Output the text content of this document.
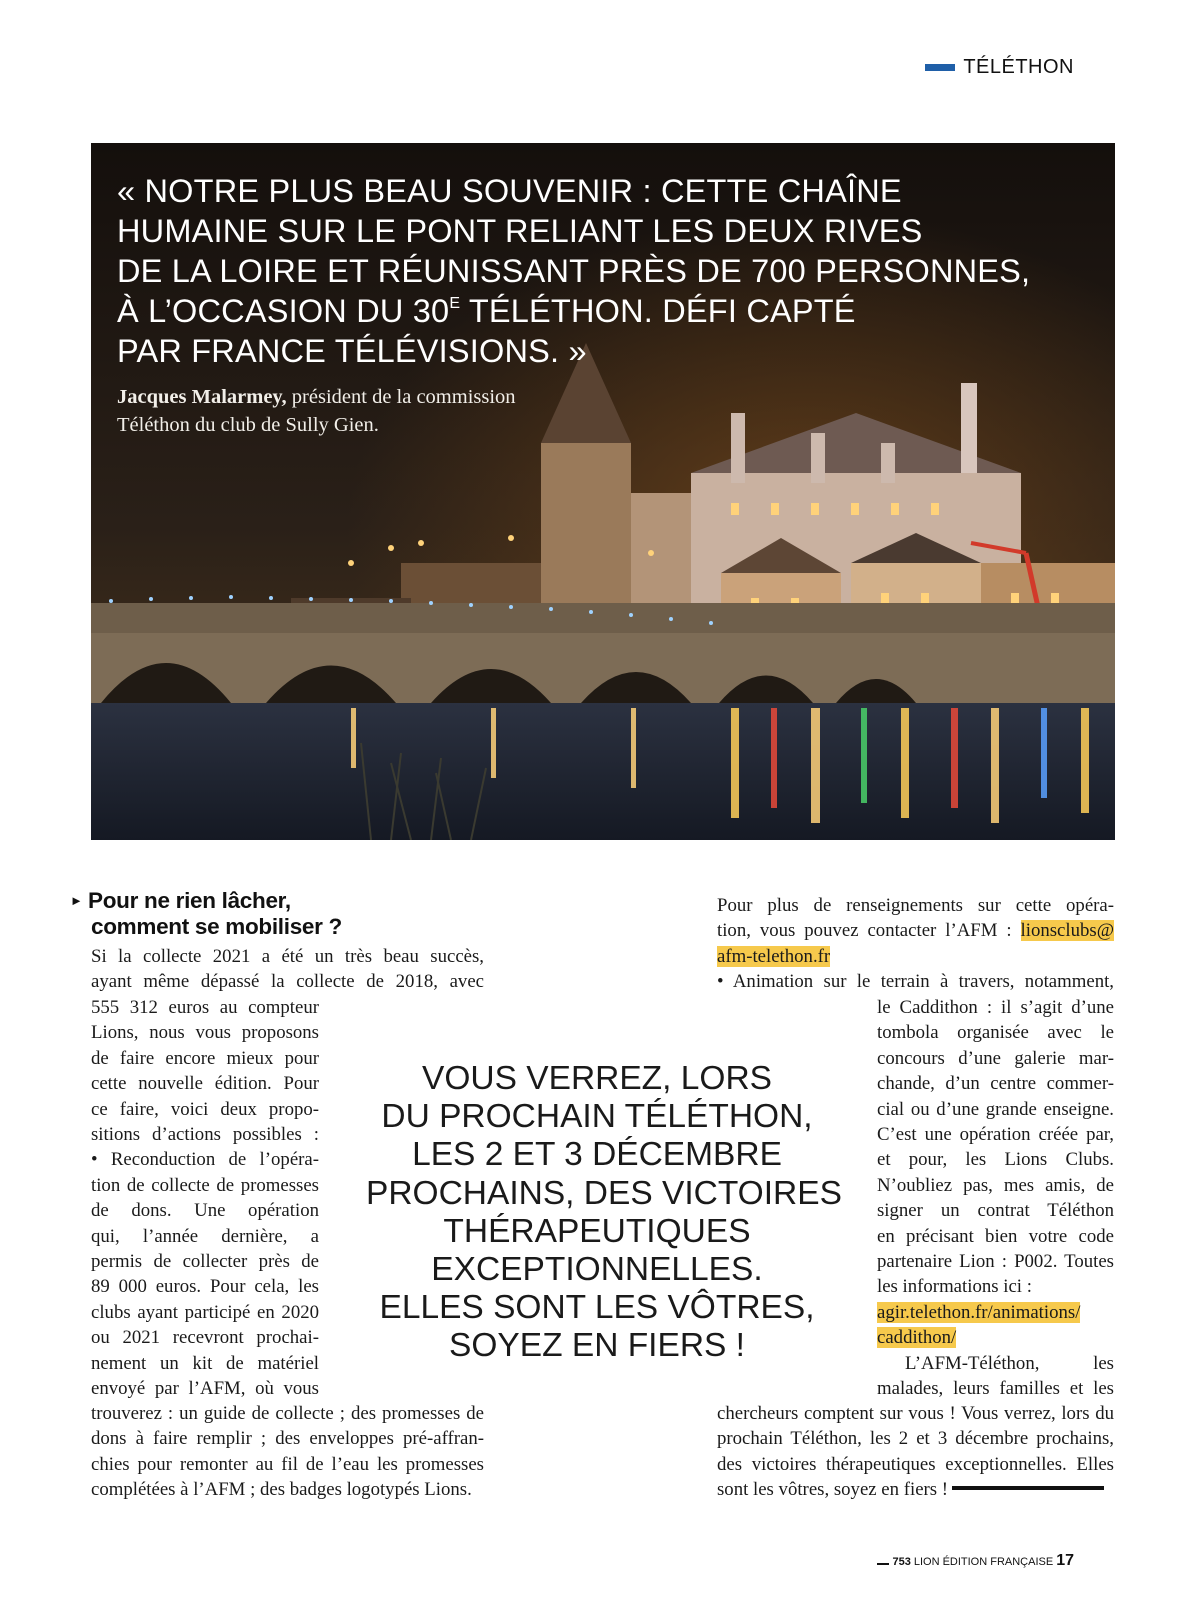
TÉLÉTHON
« NOTRE PLUS BEAU SOUVENIR : CETTE CHAÎNE
HUMAINE SUR LE PONT RELIANT LES DEUX RIVES
DE LA LOIRE ET RÉUNISSANT PRÈS DE 700 PERSONNES,
À L’OCCASION DU $30^E$ TÉLÉTHON. DÉFI CAPTÉ
PAR FRANCE TÉLÉVISIONS. »

Jacques Malarmey, président de la commission
Téléthon du club de Sully Gien.

► Pour ne rien lâcher,
comment se mobiliser ?
Si la collecte 2021 a été un très beau succès,
ayant même dépassé la collecte de 2018, avec
555 312 euros au compteur
Lions, nous vous proposons
de faire encore mieux pour
cette nouvelle édition. Pour
ce faire, voici deux propo-
sitions d’actions possibles :
• Reconduction de l’opéra-
tion de collecte de promesses
de dons. Une opération
qui, l’année dernière, a
permis de collecter près de
89 000 euros. Pour cela, les
clubs ayant participé en 2020
ou 2021 recevront prochai-
nement un kit de matériel
envoyé par l’AFM, où vous
trouverez : un guide de collecte ; des promesses de
dons à faire remplir ; des enveloppes pré-affran-
chies pour remonter au fil de l’eau les promesses
complétées à l’AFM ; des badges logotypés Lions.
VOUS VERREZ, LORS
DU PROCHAIN TÉLÉTHON,
LES 2 ET 3 DÉCEMBRE
PROCHAINS, DES VICTOIRES
THÉRAPEUTIQUES
EXCEPTIONNELLES.
ELLES SONT LES VÔTRES,
SOYEZ EN FIERS !
Pour plus de renseignements sur cette opéra-
tion, vous pouvez contacter l’AFM : lionsclubs@
afm-telethon.fr
• Animation sur le terrain à travers, notamment,
le Caddithon : il s’agit d’une
tombola organisée avec le
concours d’une galerie mar-
chande, d’un centre commer-
cial ou d’une grande enseigne.
C’est une opération créée par,
et pour, les Lions Clubs.
N’oubliez pas, mes amis, de
signer un contrat Téléthon
en précisant bien votre code
partenaire Lion : P002. Toutes
les informations ici :
agir.telethon.fr/animations/
caddithon/
L’AFM-Téléthon, les
malades, leurs familles et les
chercheurs comptent sur vous ! Vous verrez, lors du
prochain Téléthon, les 2 et 3 décembre prochains,
des victoires thérapeutiques exceptionnelles. Elles
sont les vôtres, soyez en fiers !
753 LION ÉDITION FRANÇAISE 17
